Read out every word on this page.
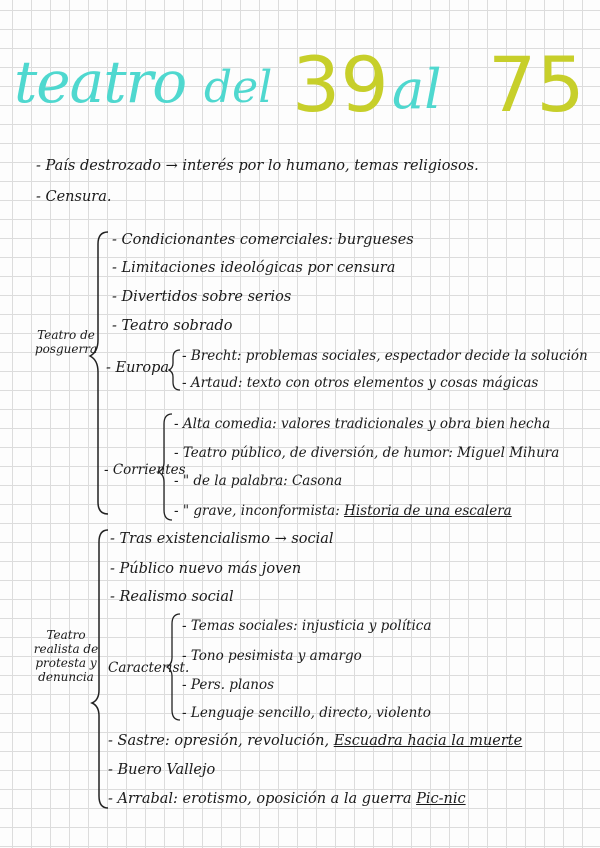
teatro del 39 al 75
- País destrozado → interés por lo humano, temas religiosos.
- Censura.
Teatro de posguerra
- Condicionantes comerciales: burgueses
- Limitaciones ideológicas por censura
- Divertidos sobre serios
- Teatro sobrado
- Europa
- Brecht: problemas sociales, espectador decide la solución
- Artaud: texto con otros elementos y cosas mágicas
- Corrientes
- Alta comedia: valores tradicionales y obra bien hecha
- Teatro público, de diversión, de humor: Miguel Mihura
- " de la palabra: Casona
- " grave, inconformista: Historia de una escalera
Teatro realista de protesta y denuncia
- Tras existencialismo → social
- Público nuevo más joven
- Realismo social
Caracterist.
- Temas sociales: injusticia y política
- Tono pesimista y amargo
- Pers. planos
- Lenguaje sencillo, directo, violento
- Sastre: opresión, revolución, Escuadra hacia la muerte
- Buero Vallejo
- Arrabal: erotismo, oposición a la guerra Pic-nic
